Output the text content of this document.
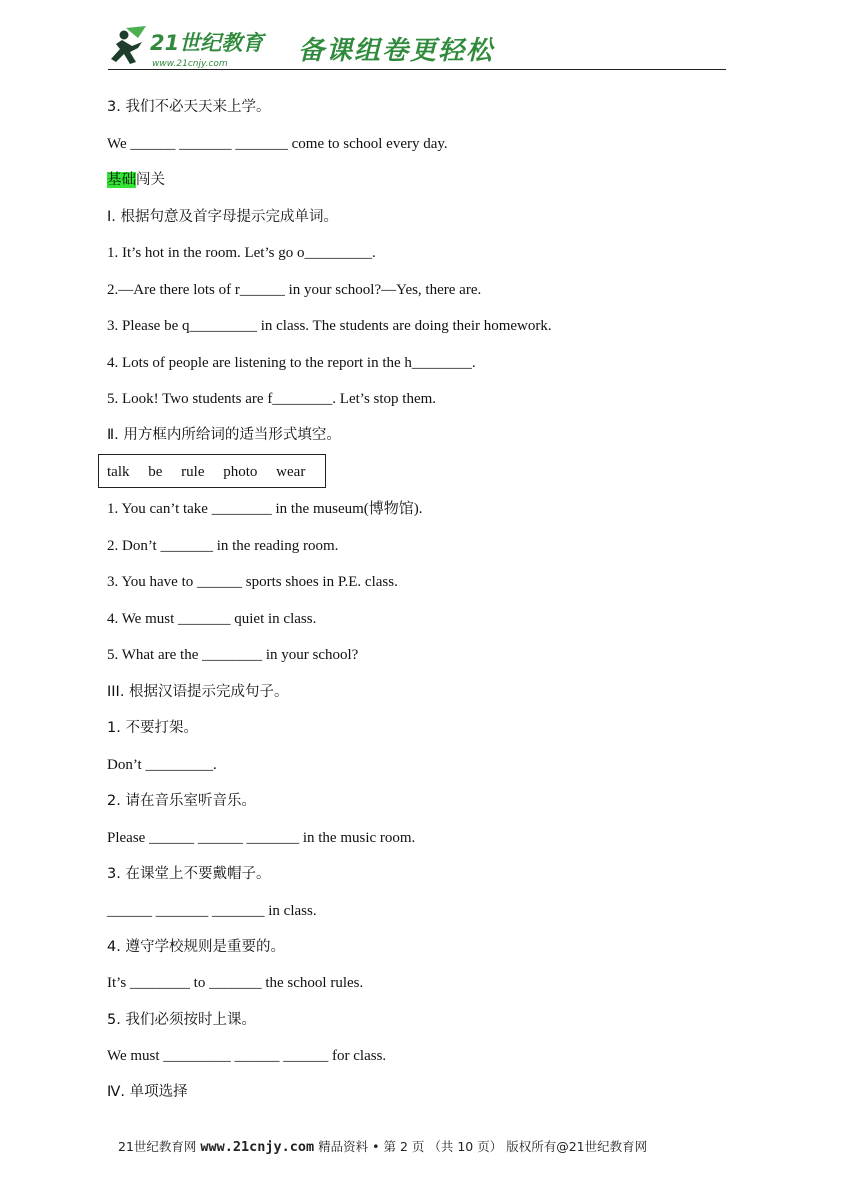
21世纪教育
www.21cnjy.com	备课组卷更轻松
3. 我们不必天天来上学。
We ______ _______ _______ come to school every day.
基础闯关
Ⅰ. 根据句意及首字母提示完成单词。
1. It’s hot in the room. Let’s go o_________.
2.—Are there lots of r______ in your school?—Yes, there are.
3. Please be q_________ in class. The students are doing their homework.
4. Lots of people are listening to the report in the h________.
5. Look! Two students are f________. Let’s stop them.
Ⅱ. 用方框内所给词的适当形式填空。
talk be rule photo wear
1. You can’t take ________ in the museum(博物馆).
2. Don’t _______ in the reading room.
3. You have to ______ sports shoes in P.E. class.
4. We must _______ quiet in class.
5. What are the ________ in your school?
III. 根据汉语提示完成句子。
1. 不要打架。
Don’t _________.
2. 请在音乐室听音乐。
Please ______ ______ _______ in the music room.
3. 在课堂上不要戴帽子。
______ _______ _______ in class.
4. 遵守学校规则是重要的。
It’s ________ to _______ the school rules.
5. 我们必须按时上课。
We must _________ ______ ______ for class.
Ⅳ. 单项选择
21世纪教育网 www.21cnjy.com 精品资料 • 第 2 页 （共 10 页） 版权所有@21世纪教育网
